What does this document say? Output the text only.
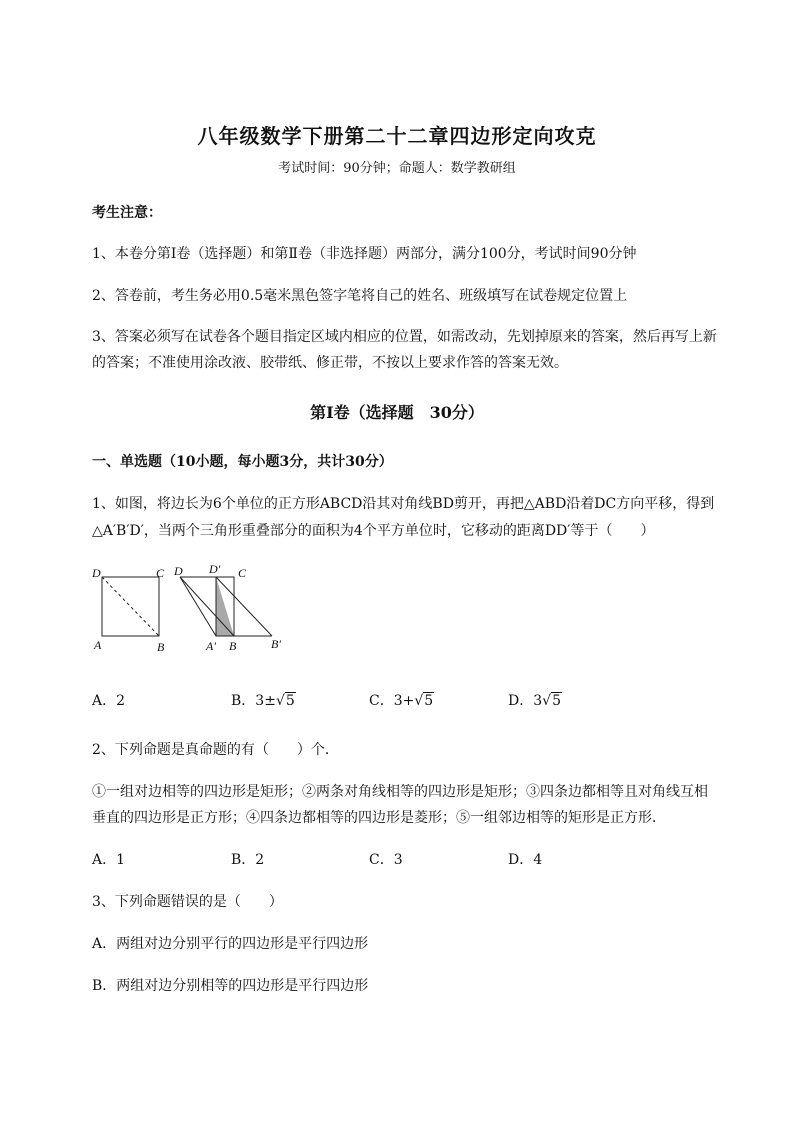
八年级数学下册第二十二章四边形定向攻克
考试时间：90分钟；命题人：数学教研组
考生注意：
1、本卷分第Ⅰ卷（选择题）和第Ⅱ卷（非选择题）两部分，满分100分，考试时间90分钟
2、答卷前，考生务必用0.5毫米黑色签字笔将自己的姓名、班级填写在试卷规定位置上
3、答案必须写在试卷各个题目指定区域内相应的位置，如需改动，先划掉原来的答案，然后再写上新
的答案；不准使用涂改液、胶带纸、修正带，不按以上要求作答的答案无效。
第Ⅰ卷（选择题　30分）
一、单选题（10小题，每小题3分，共计30分）
1、如图，将边长为6个单位的正方形ABCD沿其对角线BD剪开，再把△ABD沿着DC方向平移，得到
△A′B′D′，当两个三角形重叠部分的面积为4个平方单位时，它移动的距离DD′等于（　　）
D	C
A	B
D D′ C
A′ B	B′
A．2	B．3±√5	C．3+√5	D．3√5
2、下列命题是真命题的有（　　）个．
①一组对边相等的四边形是矩形；②两条对角线相等的四边形是矩形；③四条边都相等且对角线互相
垂直的四边形是正方形；④四条边都相等的四边形是菱形；⑤一组邻边相等的矩形是正方形．
A．1	B．2	C．3	D．4
3、下列命题错误的是（　　）
A．两组对边分别平行的四边形是平行四边形
B．两组对边分别相等的四边形是平行四边形
